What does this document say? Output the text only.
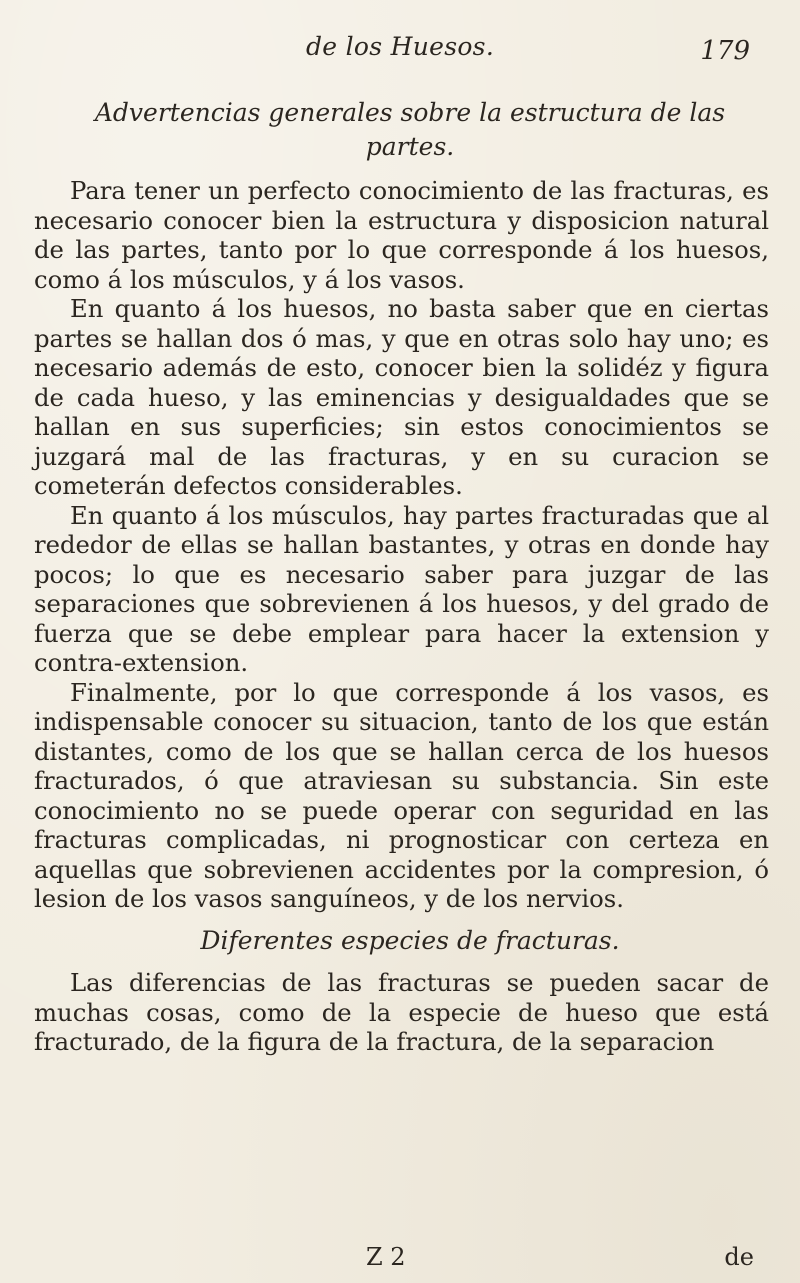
de los Huesos.	179
Advertencias generales sobre la estructura de las partes.

Para tener un perfecto conocimiento de las fracturas, es necesario conocer bien la estructura y disposicion natural de las partes, tanto por lo que corresponde á los huesos, como á los músculos, y á los vasos.

En quanto á los huesos, no basta saber que en ciertas partes se hallan dos ó mas, y que en otras solo hay uno; es necesario además de esto, conocer bien la solidéz y figura de cada hueso, y las eminencias y desigualdades que se hallan en sus superficies; sin estos conocimientos se juzgará mal de las fracturas, y en su curacion se cometerán defectos considerables.

En quanto á los músculos, hay partes fracturadas que al rededor de ellas se hallan bastantes, y otras en donde hay pocos; lo que es necesario saber para juzgar de las separaciones que sobrevienen á los huesos, y del grado de fuerza que se debe emplear para hacer la extension y contra-extension.

Finalmente, por lo que corresponde á los vasos, es indispensable conocer su situacion, tanto de los que están distantes, como de los que se hallan cerca de los huesos fracturados, ó que atraviesan su substancia. Sin este conocimiento no se puede operar con seguridad en las fracturas complicadas, ni prognosticar con certeza en aquellas que sobrevienen accidentes por la compresion, ó lesion de los vasos sanguíneos, y de los nervios.

Diferentes especies de fracturas.

Las diferencias de las fracturas se pueden sacar de muchas cosas, como de la especie de hueso que está fracturado, de la figura de la fractura, de la separacion

Z 2	de
